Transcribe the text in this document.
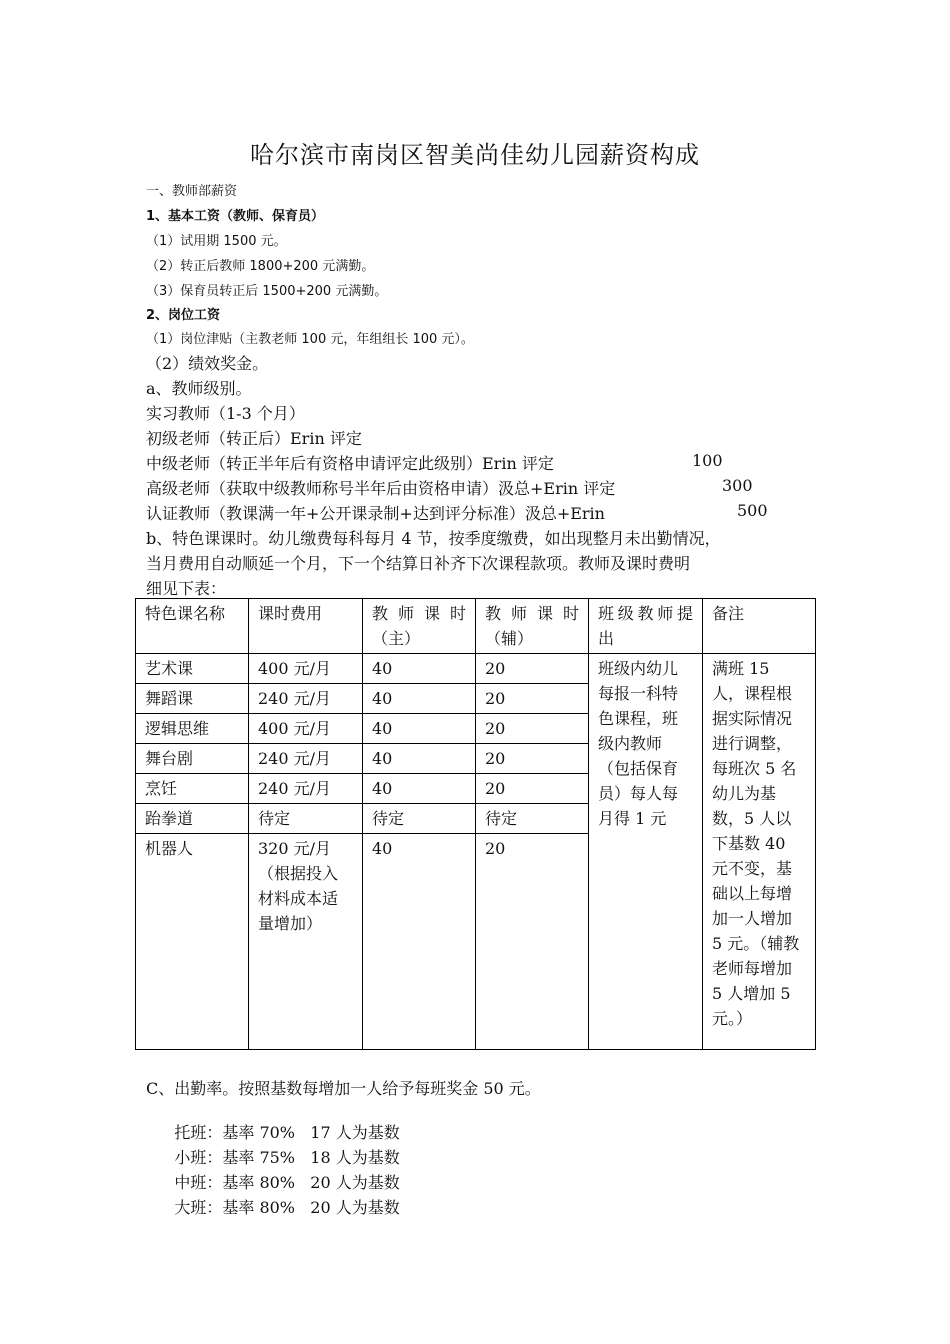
哈尔滨市南岗区智美尚佳幼儿园薪资构成
一、教师部薪资
1、基本工资（教师、保育员）
（1）试用期 1500 元。
（2）转正后教师 1800+200 元满勤。
（3）保育员转正后 1500+200 元满勤。
2、岗位工资
（1）岗位津贴（主教老师 100 元，年组组长 100 元）。
（2）绩效奖金。
a、教师级别。
实习教师（1-3 个月）
初级老师（转正后）Erin 评定
中级老师（转正半年后有资格申请评定此级别）Erin 评定	100
高级老师（获取中级教师称号半年后由资格申请）汲总+Erin 评定	300
认证教师（教课满一年+公开课录制+达到评分标准）汲总+Erin	500
b、特色课课时。幼儿缴费每科每月 4 节，按季度缴费，如出现整月未出勤情况，
当月费用自动顺延一个月，下一个结算日补齐下次课程款项。教师及课时费明
细见下表：
特色课名称	课时费用	教师课时（主）	教师课时（辅）	班级教师提出	备注
艺术课	400 元/月	40	20	班级内幼儿每报一科特色课程，班级内教师（包括保育员）每人每月得 1 元	满班 15 人，课程根据实际情况进行调整，每班次 5 名幼儿为基数，5 人以下基数 40 元不变，基础以上每增加一人增加 5 元。（辅教老师每增加 5 人增加 5 元。）
舞蹈课	240 元/月	40	20		
逻辑思维	400 元/月	40	20		
舞台剧	240 元/月	40	20		
烹饪	240 元/月	40	20		
跆拳道	待定	待定	待定		
机器人	320 元/月（根据投入材料成本适量增加）	40	20		
C、出勤率。按照基数每增加一人给予每班奖金 50 元。

托班：基率 70% 17 人为基数

小班：基率 75% 18 人为基数

中班：基率 80% 20 人为基数

大班：基率 80% 20 人为基数
